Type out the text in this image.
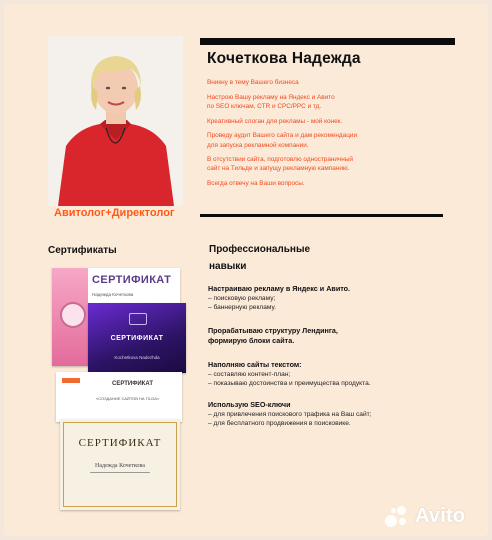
Авитолог+Директолог
Кочеткова Надежда

Вникну в тему Вашего бизнеса

Настрою Вашу рекламу на Яндекс и Авито
по SEO ключам, CTR и CPC/PPC и тд.

Креативный слоган для рекламы - мой конек.

Проведу аудит Вашего сайта и дам рекомендации
для запуска рекламной компании.

В отсутствии сайта, подготовлю одностраничный
сайт на Тильде и запущу рекламную кампанию.

Всегда отвечу на Ваши вопросы.

Сертификаты
СЕРТИФИКАТ
Надежда Кочеткова
СЕРТИФИКАТ
Kochetkova Nadezhda
СЕРТИФИКАТ
«СОЗДАНИЕ САЙТОВ НА TILDA»
СЕРТИФИКАТ
Надежда Кочеткова
Профессиональные
навыки
Настраиваю рекламу в Яндекс и Авито.
– поисковую рекламу;
– баннерную рекламу.
Прорабатываю структуру Лендинга,
формирую блоки сайта.
Наполняю сайты текстом:
– составляю контент-план;
– показываю достоинства и преимущества продукта.
Использую SEO-ключи
– для привлечения поискового трафика на Ваш сайт;
– для бесплатного продвижения в поисковике.
Avito
